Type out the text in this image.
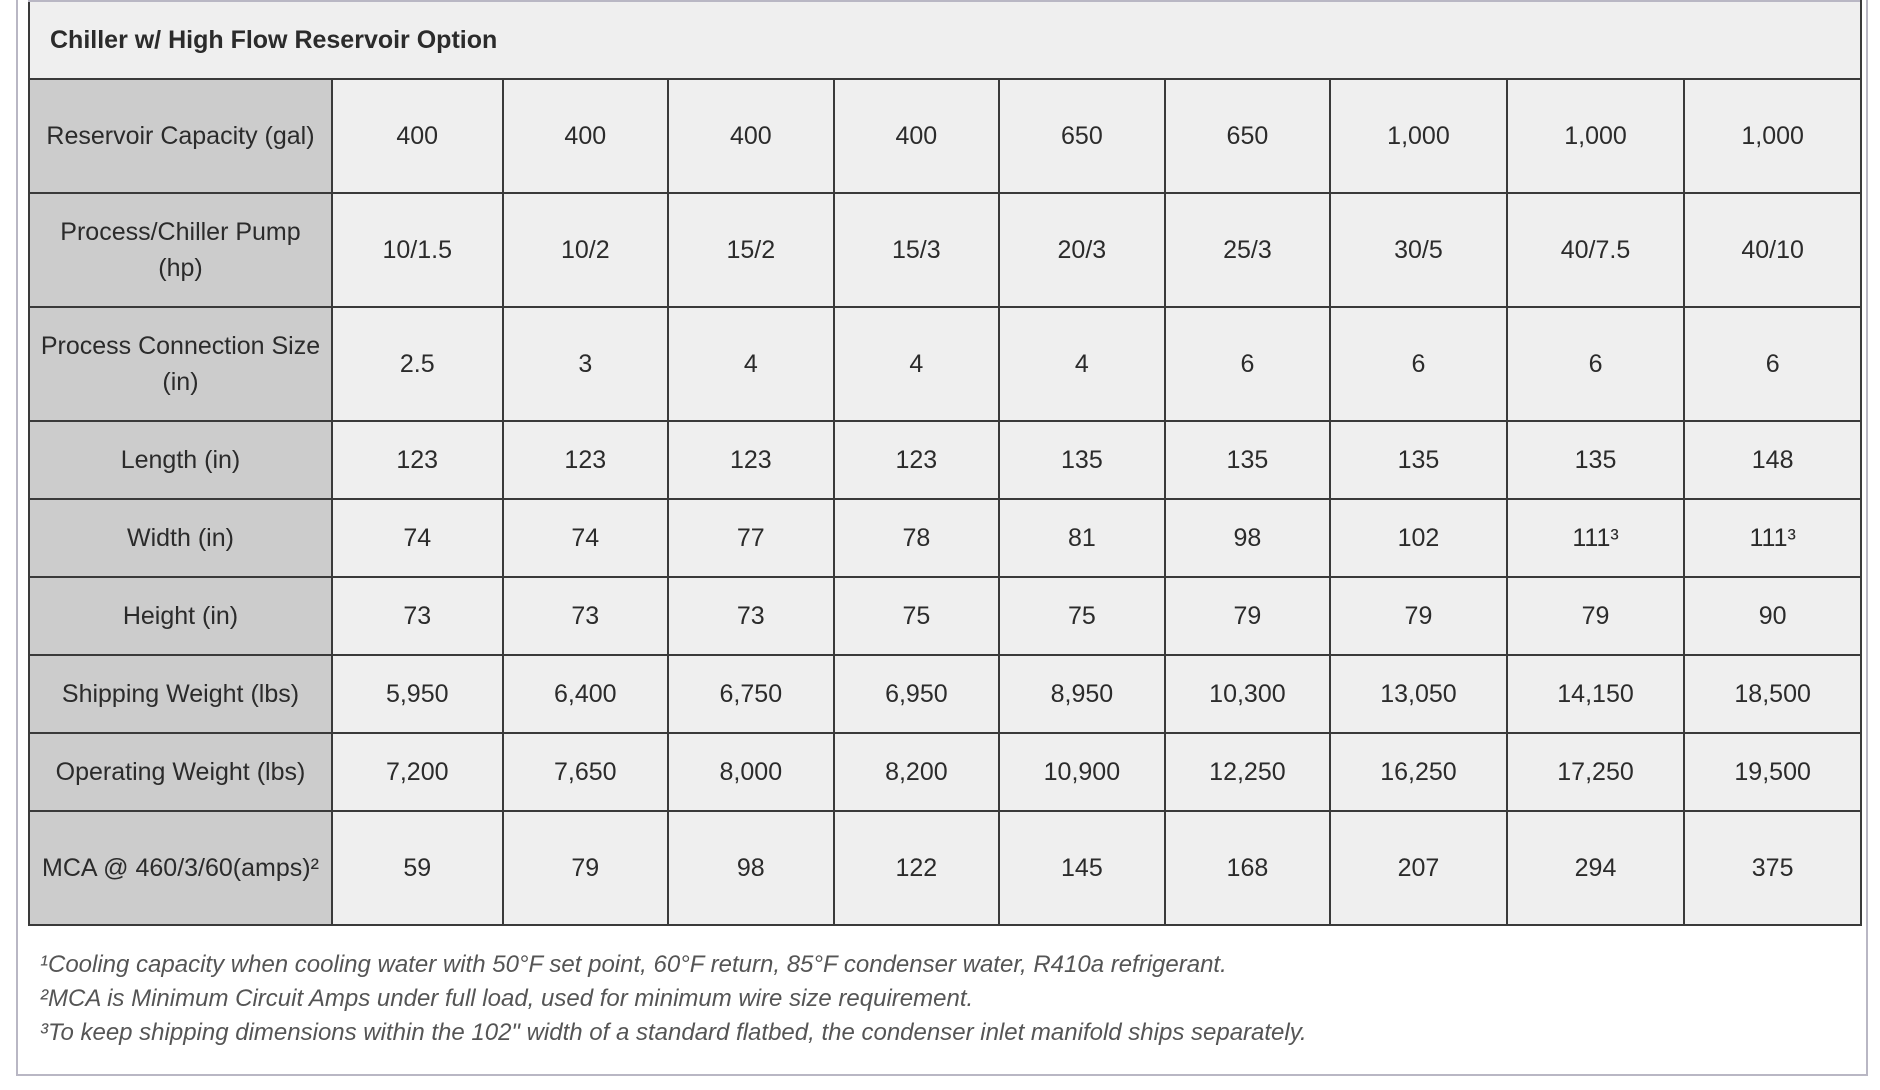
Chiller w/ High Flow Reservoir Option									
Reservoir Capacity (gal)	400	400	400	400	650	650	1,000	1,000	1,000
Process/Chiller Pump (hp)	10/1.5	10/2	15/2	15/3	20/3	25/3	30/5	40/7.5	40/10
Process Connection Size (in)	2.5	3	4	4	4	6	6	6	6
Length (in)	123	123	123	123	135	135	135	135	148
Width (in)	74	74	77	78	81	98	102	111³	111³
Height (in)	73	73	73	75	75	79	79	79	90
Shipping Weight (lbs)	5,950	6,400	6,750	6,950	8,950	10,300	13,050	14,150	18,500
Operating Weight (lbs)	7,200	7,650	8,000	8,200	10,900	12,250	16,250	17,250	19,500
MCA @ 460/3/60(amps)²	59	79	98	122	145	168	207	294	375
¹Cooling capacity when cooling water with 50°F set point, 60°F return, 85°F condenser water, R410a refrigerant.
²MCA is Minimum Circuit Amps under full load, used for minimum wire size requirement.
³To keep shipping dimensions within the 102" width of a standard flatbed, the condenser inlet manifold ships separately.
